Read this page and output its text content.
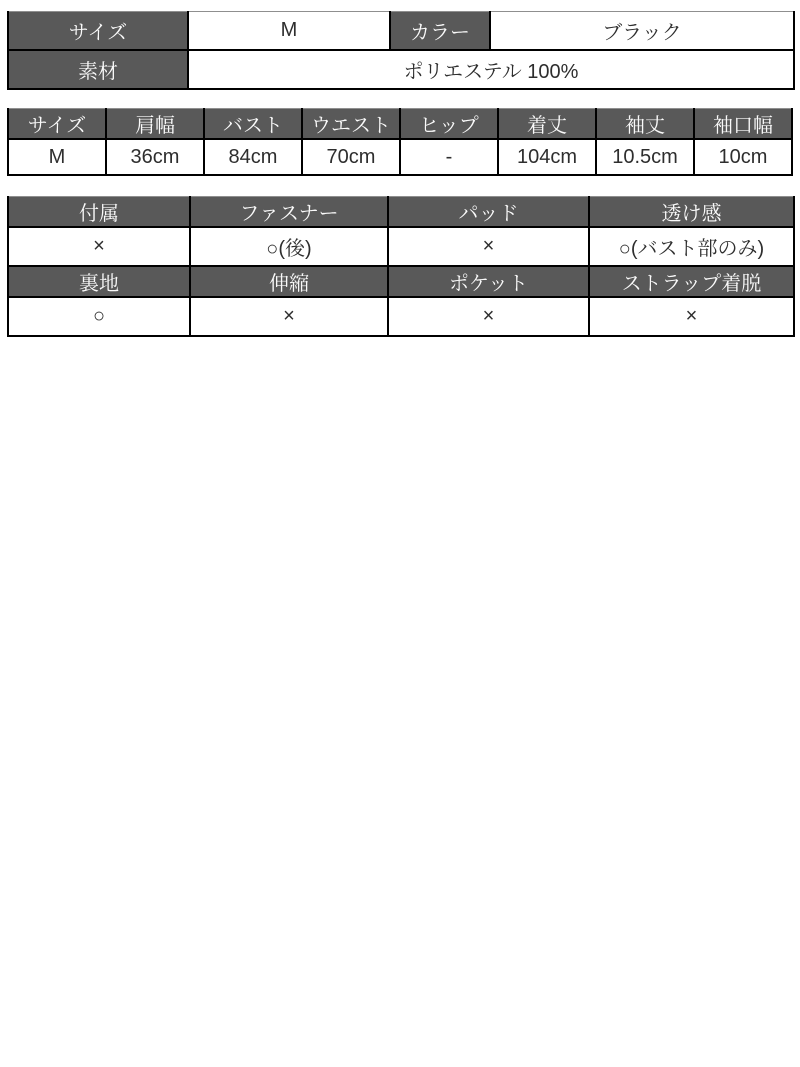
サイズ	M	カラー	ブラック
素材	ポリエステル 100%		
サイズ	肩幅	バスト	ウエスト	ヒップ	着丈	袖丈	袖口幅
M	36cm	84cm	70cm	-	104cm	10.5cm	10cm
付属	ファスナー	パッド	透け感
×	○(後)	×	○(バスト部のみ)
裏地	伸縮	ポケット	ストラップ着脱
○	×	×	×
